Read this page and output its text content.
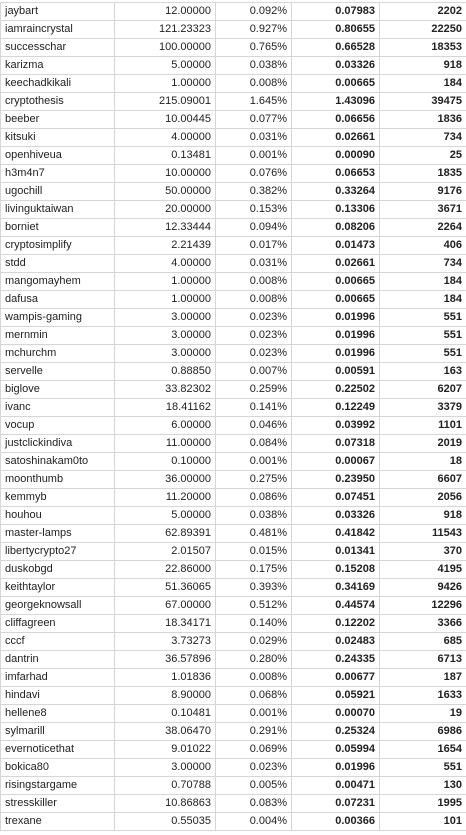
jaybart	12.00000	0.092%	0.07983	2202
iamraincrystal	121.23323	0.927%	0.80655	22250
successchar	100.00000	0.765%	0.66528	18353
karizma	5.00000	0.038%	0.03326	918
keechadkikali	1.00000	0.008%	0.00665	184
cryptothesis	215.09001	1.645%	1.43096	39475
beeber	10.00445	0.077%	0.06656	1836
kitsuki	4.00000	0.031%	0.02661	734
openhiveua	0.13481	0.001%	0.00090	25
h3m4n7	10.00000	0.076%	0.06653	1835
ugochill	50.00000	0.382%	0.33264	9176
livinguktaiwan	20.00000	0.153%	0.13306	3671
borniet	12.33444	0.094%	0.08206	2264
cryptosimplify	2.21439	0.017%	0.01473	406
stdd	4.00000	0.031%	0.02661	734
mangomayhem	1.00000	0.008%	0.00665	184
dafusa	1.00000	0.008%	0.00665	184
wampis-gaming	3.00000	0.023%	0.01996	551
mernmin	3.00000	0.023%	0.01996	551
mchurchm	3.00000	0.023%	0.01996	551
servelle	0.88850	0.007%	0.00591	163
biglove	33.82302	0.259%	0.22502	6207
ivanc	18.41162	0.141%	0.12249	3379
vocup	6.00000	0.046%	0.03992	1101
justclickindiva	11.00000	0.084%	0.07318	2019
satoshinakam0to	0.10000	0.001%	0.00067	18
moonthumb	36.00000	0.275%	0.23950	6607
kemmyb	11.20000	0.086%	0.07451	2056
houhou	5.00000	0.038%	0.03326	918
master-lamps	62.89391	0.481%	0.41842	11543
libertycrypto27	2.01507	0.015%	0.01341	370
duskobgd	22.86000	0.175%	0.15208	4195
keithtaylor	51.36065	0.393%	0.34169	9426
georgeknowsall	67.00000	0.512%	0.44574	12296
cliffagreen	18.34171	0.140%	0.12202	3366
cccf	3.73273	0.029%	0.02483	685
dantrin	36.57896	0.280%	0.24335	6713
imfarhad	1.01836	0.008%	0.00677	187
hindavi	8.90000	0.068%	0.05921	1633
hellene8	0.10481	0.001%	0.00070	19
sylmarill	38.06470	0.291%	0.25324	6986
evernoticethat	9.01022	0.069%	0.05994	1654
bokica80	3.00000	0.023%	0.01996	551
risingstargame	0.70788	0.005%	0.00471	130
stresskiller	10.86863	0.083%	0.07231	1995
trexane	0.55035	0.004%	0.00366	101
